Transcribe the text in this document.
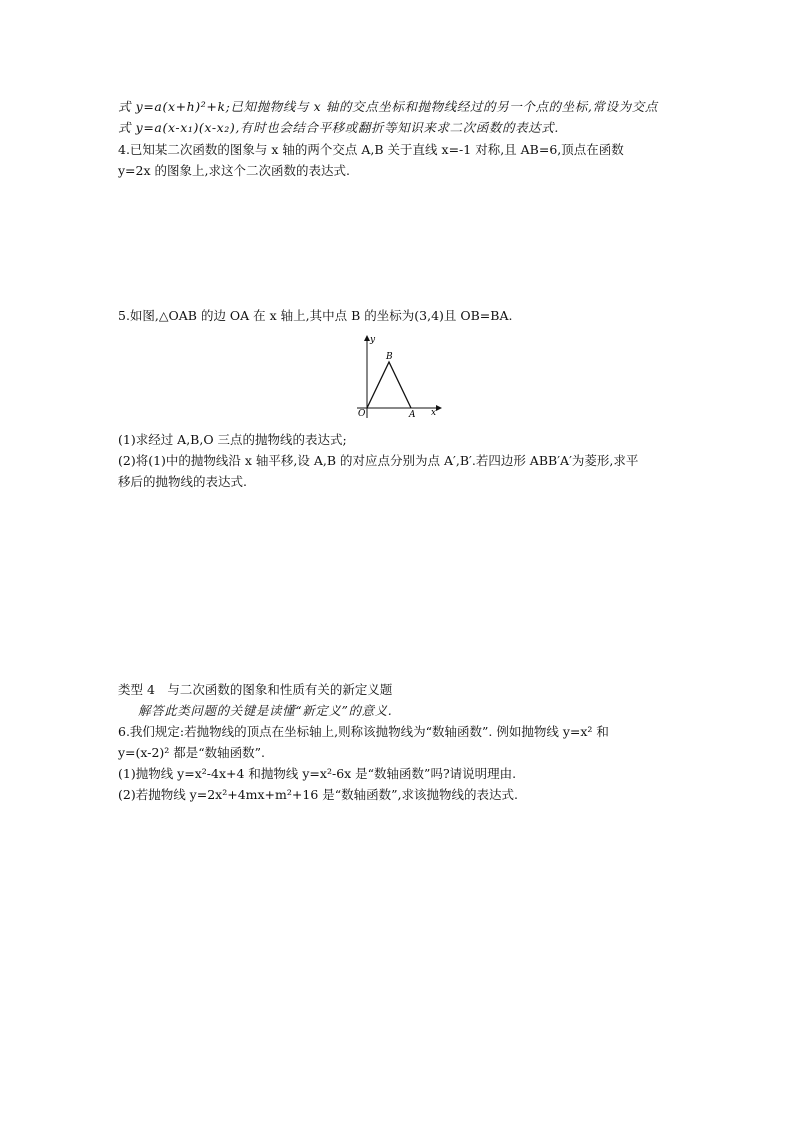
式 y=a(x+h)²+k;已知抛物线与 x 轴的交点坐标和抛物线经过的另一个点的坐标,常设为交点
式 y=a(x-x₁)(x-x₂),有时也会结合平移或翻折等知识来求二次函数的表达式.
4.已知某二次函数的图象与 x 轴的两个交点 A,B 关于直线 x=-1 对称,且 AB=6,顶点在函数
y=2x 的图象上,求这个二次函数的表达式.
5.如图,△OAB 的边 OA 在 x 轴上,其中点 B 的坐标为(3,4)且 OB=BA.
y
x
O	A
B
(1)求经过 A,B,O 三点的抛物线的表达式;
(2)将(1)中的抛物线沿 x 轴平移,设 A,B 的对应点分别为点 A′,B′.若四边形 ABB′A′为菱形,求平
移后的抛物线的表达式.
类型 4　与二次函数的图象和性质有关的新定义题
解答此类问题的关键是读懂“新定义”的意义.
6.我们规定:若抛物线的顶点在坐标轴上,则称该抛物线为“数轴函数”. 例如抛物线 y=x² 和
y=(x-2)² 都是“数轴函数”.
(1)抛物线 y=x²-4x+4 和抛物线 y=x²-6x 是“数轴函数”吗?请说明理由.
(2)若抛物线 y=2x²+4mx+m²+16 是“数轴函数”,求该抛物线的表达式.
